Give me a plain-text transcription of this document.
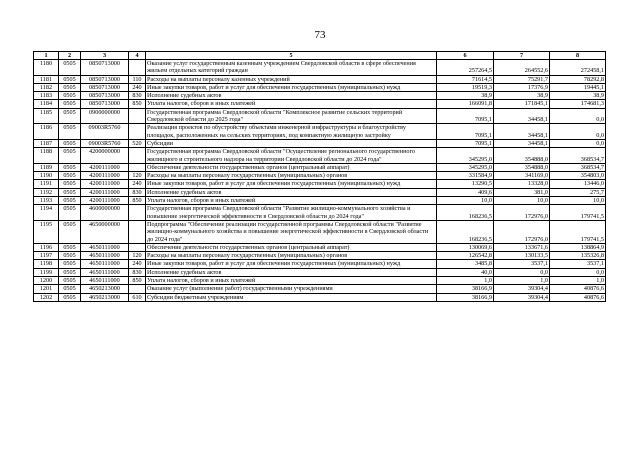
73
1	2	3	4	5	6	7	8
1180	0505	0850713000		Оказание услуг государственным казенным учреждением Свердловской области в сфере обеспечения жильем отдельных категорий граждан	257264,5	264552,6	272458,1
1181	0505	0850713000	110	Расходы на выплаты персоналу казенных учреждений	71614,5	75291,7	78292,8
1182	0505	0850713000	240	Иные закупки товаров, работ и услуг для обеспечения государственных (муниципальных) нужд	19519,3	17376,9	19445,1
1183	0505	0850713000	830	Исполнение судебных актов	38,9	38,9	38,9
1184	0505	0850713000	850	Уплата налогов, сборов и иных платежей	166091,8	171845,1	174681,3
1185	0505	0900000000		Государственная программа Свердловской области "Комплексное развитие сельских территорий Свердловской области до 2025 года"	7095,1	34458,1	0,0
1186	0505	09003R5760		Реализация проектов по обустройству объектами инженерной инфраструктуры и благоустройству площадок, расположенных на сельских территориях, под компактную жилищную застройку	7095,1	34458,1	0,0
1187	0505	09003R5760	520	Субсидии	7095,1	34458,1	0,0
1188	0505	4200000000		Государственная программа Свердловской области "Осуществление регионального государственного жилищного и строительного надзора на территории Свердловской области до 2024 года"	345295,0	354888,0	368534,7
1189	0505	4200111000		Обеспечение деятельности государственных органов (центральный аппарат)	345295,0	354888,0	368534,7
1190	0505	4200111000	120	Расходы на выплаты персоналу государственных (муниципальных) органов	331584,9	341169,0	354803,0
1191	0505	4200111000	240	Иные закупки товаров, работ и услуг для обеспечения государственных (муниципальных) нужд	13290,5	13328,0	13446,0
1192	0505	4200111000	830	Исполнение судебных актов	409,6	381,0	275,7
1193	0505	4200111000	850	Уплата налогов, сборов и иных платежей	10,0	10,0	10,0
1194	0505	4600000000		Государственная программа Свердловской области "Развитие жилищно-коммунального хозяйства и повышение энергетической эффективности в Свердловской области до 2024 года"	168236,5	172976,0	179741,5
1195	0505	4650000000		Подпрограмма "Обеспечение реализации государственной программы Свердловской области "Развитие жилищно-коммунального хозяйства и повышение энергетической эффективности в Свердловской области до 2024 года"	168236,5	172976,0	179741,5
1196	0505	4650111000		Обеспечение деятельности государственных органов (центральный аппарат)	130069,6	133671,6	138864,9
1197	0505	4650111000	120	Расходы на выплаты персоналу государственных (муниципальных) органов	126542,8	130133,5	135326,8
1198	0505	4650111000	240	Иные закупки товаров, работ и услуг для обеспечения государственных (муниципальных) нужд	3485,8	3537,1	3537,1
1199	0505	4650111000	830	Исполнение судебных актов	40,0	0,0	0,0
1200	0505	4650111000	850	Уплата налогов, сборов и иных платежей	1,0	1,0	1,0
1201	0505	4650213000		Оказание услуг (выполнение работ) государственными учреждениями	38166,9	39304,4	40876,6
1202	0505	4650213000	610	Субсидии бюджетным учреждениям	38166,9	39304,4	40876,6
